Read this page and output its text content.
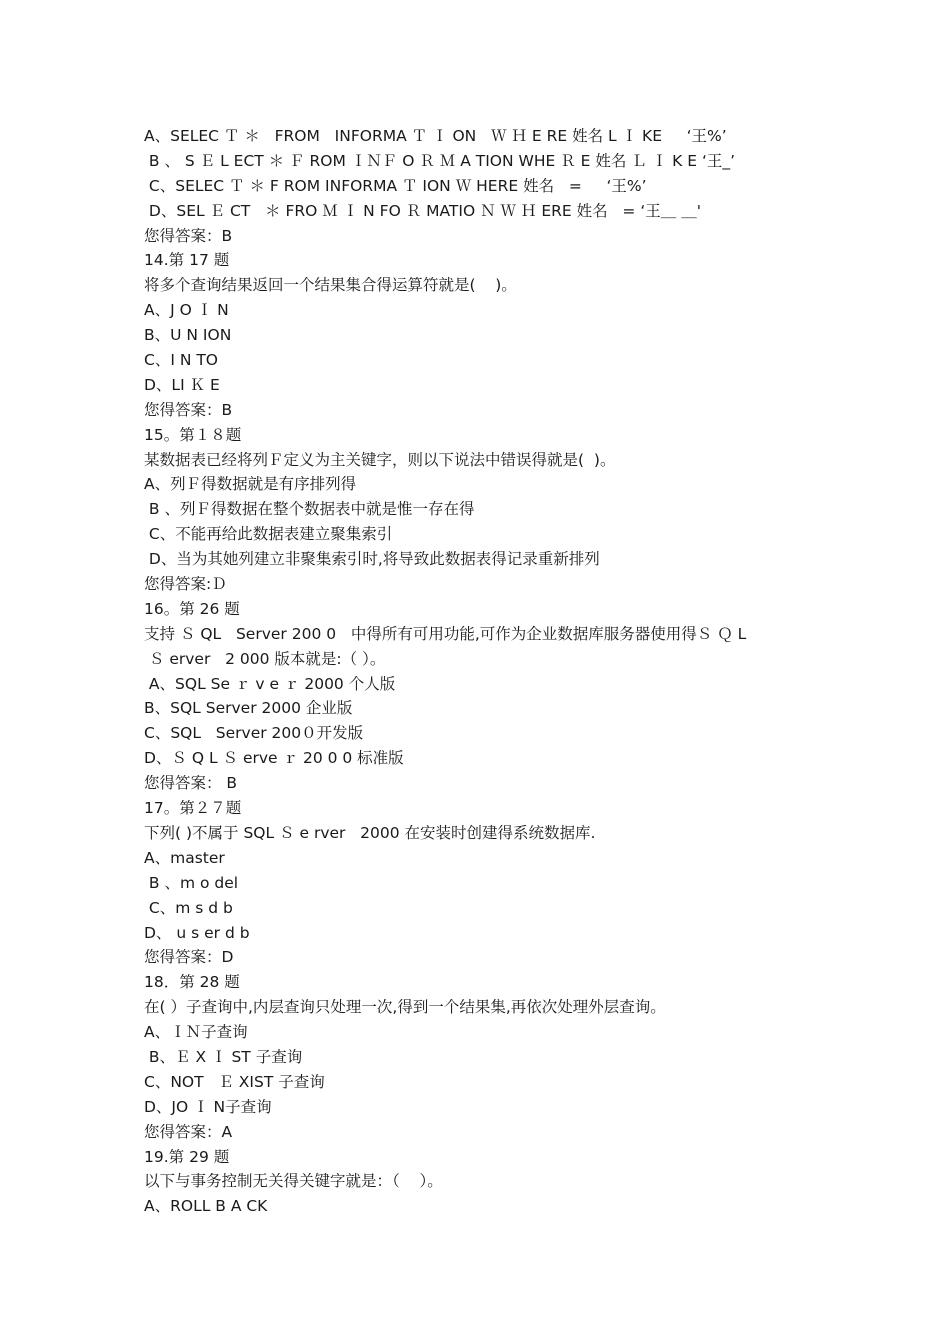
A、SELEC Ｔ ＊   FROM   INFORMA Ｔ Ｉ ON   Ｗ Ｈ E RE 姓名 L Ｉ KE     ‘王%’
B 、 S Ｅ L ECT ＊ Ｆ ROM ＩＮＦ O Ｒ Ｍ A TION WHE Ｒ E 姓名 Ｌ Ｉ K E ‘王_’
C、SELEC Ｔ ＊ F ROM INFORMA Ｔ ION Ｗ HERE 姓名   =     ‘王%’
D、SEL Ｅ CT   ＊ FRO Ｍ Ｉ N FO Ｒ MATIO Ｎ Ｗ Ｈ ERE 姓名   = ‘王＿ ＿'
您得答案：B
14.第 17 题
将多个查询结果返回一个结果集合得运算符就是(    )。
A、J O Ｉ N
B、U N ION
C、I N TO
D、LI Ｋ E
您得答案：B
15。第１８题
某数据表已经将列Ｆ定义为主关键字，则以下说法中错误得就是(  )。
A、列Ｆ得数据就是有序排列得
B 、列Ｆ得数据在整个数据表中就是惟一存在得
C、不能再给此数据表建立聚集索引
D、当为其她列建立非聚集索引时,将导致此数据表得记录重新排列
您得答案:Ｄ
16。第 26 题
支持 Ｓ QL   Server 200 0   中得所有可用功能,可作为企业数据库服务器使用得Ｓ Ｑ L
Ｓ erver   2 000 版本就是:（ ）。
A、SQL Se ｒ v e ｒ 2000 个人版
B、SQL Server 2000 企业版
C、SQL   Server 200０开发版
D、Ｓ Q L Ｓ erve ｒ 20 0 0 标准版
您得答案： B
17。第２７题
下列( )不属于 SQL Ｓ e rver   2000 在安装时创建得系统数据库.
A、master
B 、m o del
C、m s d b
D、 u s er d b
您得答案：D
18．第 28 题
在( ）子查询中,内层查询只处理一次,得到一个结果集,再依次处理外层查询。
A、ＩＮ子查询
B、Ｅ X Ｉ ST 子查询
C、NOT   Ｅ XIST 子查询
D、JO Ｉ N子查询
您得答案：A
19.第 29 题
以下与事务控制无关得关键字就是：（    ）。
A、ROLL B A CK
